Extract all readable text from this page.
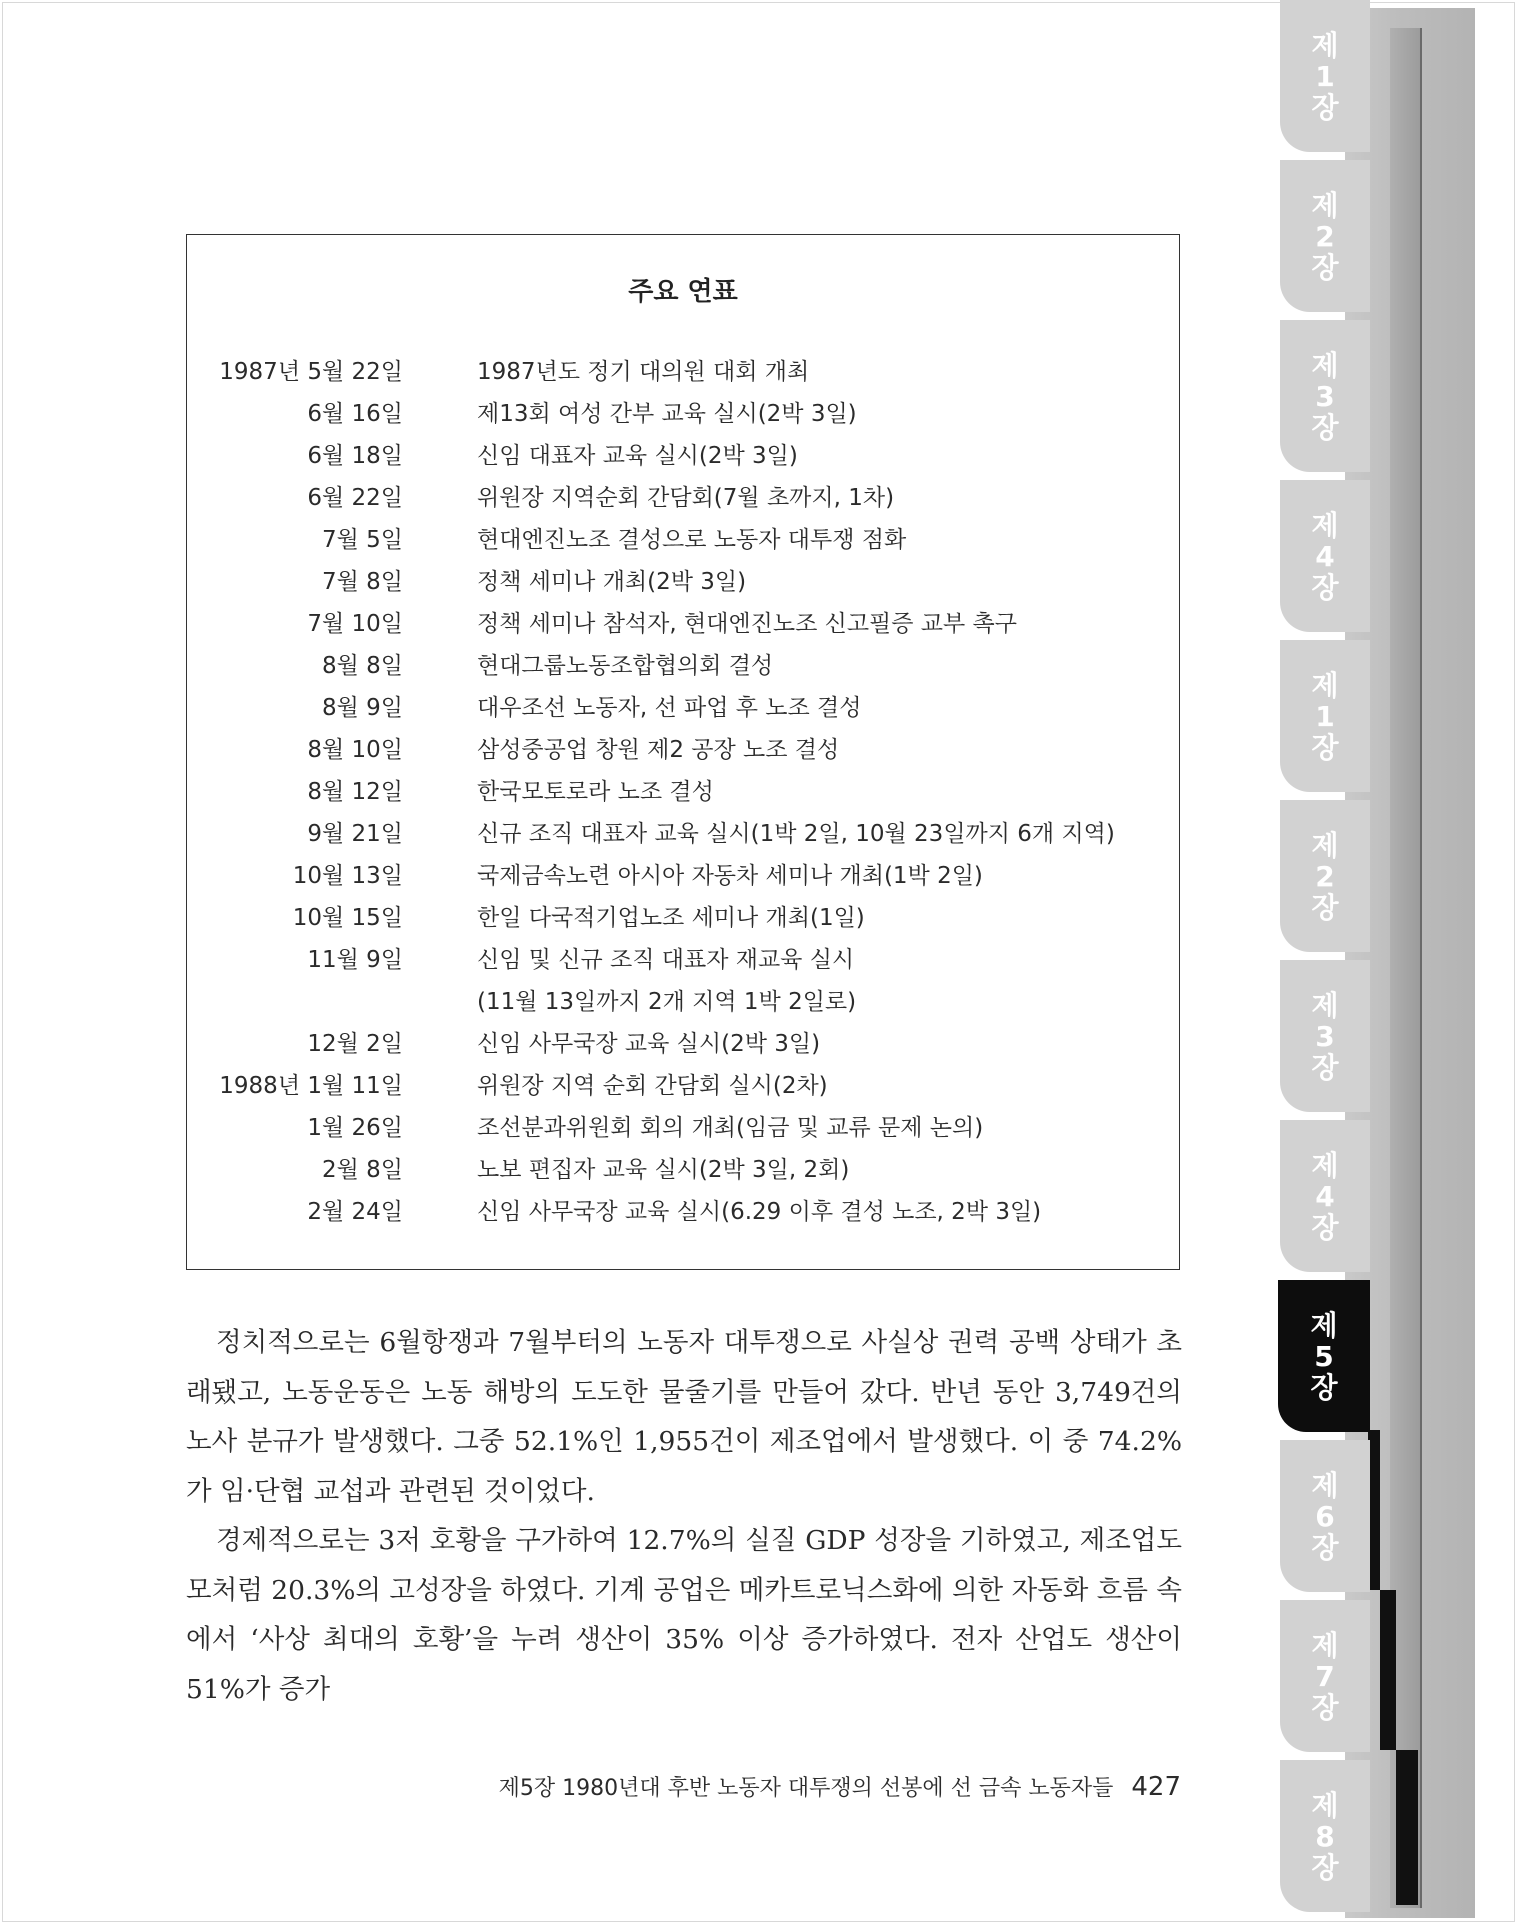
제1장
제2장
제3장
제4장
제1장
제2장
제3장
제4장
제5장
제6장
제7장
제8장
주요 연표
1987년 5월 22일	1987년도 정기 대의원 대회 개최
6월 16일	제13회 여성 간부 교육 실시(2박 3일)
6월 18일	신임 대표자 교육 실시(2박 3일)
6월 22일	위원장 지역순회 간담회(7월 초까지, 1차)
7월 5일	현대엔진노조 결성으로 노동자 대투쟁 점화
7월 8일	정책 세미나 개최(2박 3일)
7월 10일	정책 세미나 참석자, 현대엔진노조 신고필증 교부 촉구
8월 8일	현대그룹노동조합협의회 결성
8월 9일	대우조선 노동자, 선 파업 후 노조 결성
8월 10일	삼성중공업 창원 제2 공장 노조 결성
8월 12일	한국모토로라 노조 결성
9월 21일	신규 조직 대표자 교육 실시(1박 2일, 10월 23일까지 6개 지역)
10월 13일	국제금속노련 아시아 자동차 세미나 개최(1박 2일)
10월 15일	한일 다국적기업노조 세미나 개최(1일)
11월 9일	신임 및 신규 조직 대표자 재교육 실시
(11월 13일까지 2개 지역 1박 2일로)
12월 2일	신임 사무국장 교육 실시(2박 3일)
1988년 1월 11일	위원장 지역 순회 간담회 실시(2차)
1월 26일	조선분과위원회 회의 개최(임금 및 교류 문제 논의)
2월 8일	노보 편집자 교육 실시(2박 3일, 2회)
2월 24일	신임 사무국장 교육 실시(6.29 이후 결성 노조, 2박 3일)

정치적으로는 6월항쟁과 7월부터의 노동자 대투쟁으로 사실상 권력 공백 상태가 초래됐고, 노동운동은 노동 해방의 도도한 물줄기를 만들어 갔다. 반년 동안 3,749건의 노사 분규가 발생했다. 그중 52.1%인 1,955건이 제조업에서 발생했다. 이 중 74.2%가 임·단협 교섭과 관련된 것이었다.

경제적으로는 3저 호황을 구가하여 12.7%의 실질 GDP 성장을 기하였고, 제조업도 모처럼 20.3%의 고성장을 하였다. 기계 공업은 메카트로닉스화에 의한 자동화 흐름 속에서 ‘사상 최대의 호황’을 누려 생산이 35% 이상 증가하였다. 전자 산업도 생산이 51%가 증가

제5장 1980년대 후반 노동자 대투쟁의 선봉에 선 금속 노동자들 427
